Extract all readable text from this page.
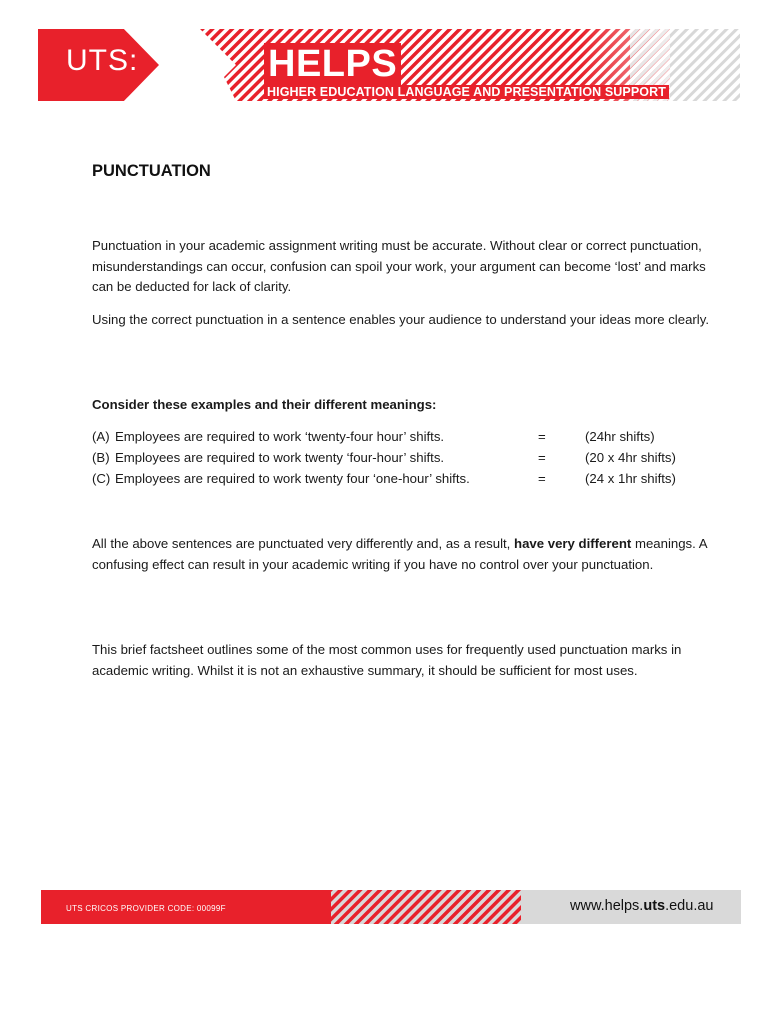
UTS:	HELPS
HIGHER EDUCATION LANGUAGE AND PRESENTATION SUPPORT
PUNCTUATION

Punctuation in your academic assignment writing must be accurate. Without clear or correct punctuation, misunderstandings can occur, confusion can spoil your work, your argument can become ‘lost’ and marks can be deducted for lack of clarity.

Using the correct punctuation in a sentence enables your audience to understand your ideas more clearly.

Consider these examples and their different meanings:

(A) Employees are required to work ‘twenty-four hour’ shifts.	=	(24hr shifts)
(B) Employees are required to work twenty ‘four-hour’ shifts.	=	(20 x 4hr shifts)
(C) Employees are required to work twenty four ‘one-hour’ shifts.	=	(24 x 1hr shifts)

All the above sentences are punctuated very differently and, as a result, have very different meanings. A confusing effect can result in your academic writing if you have no control over your punctuation.

This brief factsheet outlines some of the most common uses for frequently used punctuation marks in academic writing. Whilst it is not an exhaustive summary, it should be sufficient for most uses.

UTS CRICOS PROVIDER CODE: 00099F	www.helps.uts.edu.au
